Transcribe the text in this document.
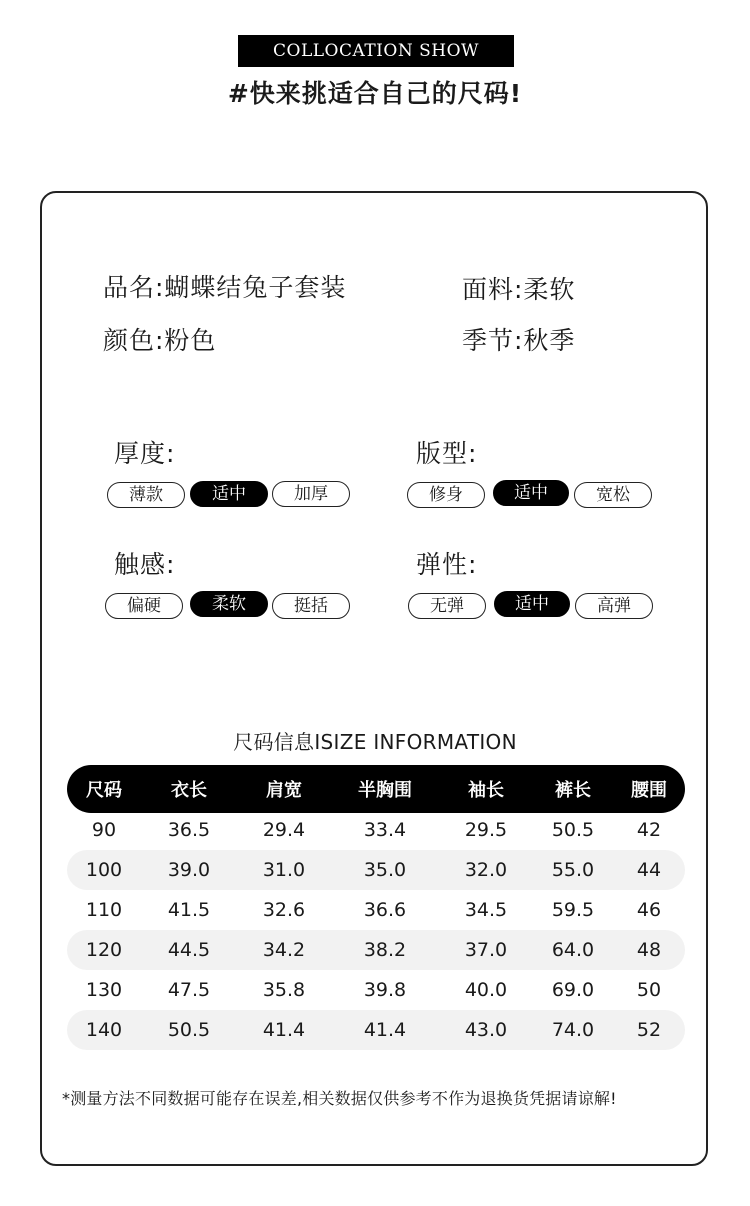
COLLOCATION SHOW
#快来挑适合自己的尺码!
品名:蝴蝶结兔子套装	面料:柔软
颜色:粉色	季节:秋季
厚度:
薄款	适中	加厚
版型:
修身	适中	宽松
触感:
偏硬	柔软	挺括
弹性:
无弹	适中	高弹
尺码信息ISIZE INFORMATION
尺码	衣长	肩宽	半胸围	袖长	裤长	腰围
90	36.5	29.4	33.4	29.5	50.5	42
100	39.0	31.0	35.0	32.0	55.0	44
110	41.5	32.6	36.6	34.5	59.5	46
120	44.5	34.2	38.2	37.0	64.0	48
130	47.5	35.8	39.8	40.0	69.0	50
140	50.5	41.4	41.4	43.0	74.0	52
*测量方法不同数据可能存在误差,相关数据仅供参考不作为退换货凭据请谅解!
